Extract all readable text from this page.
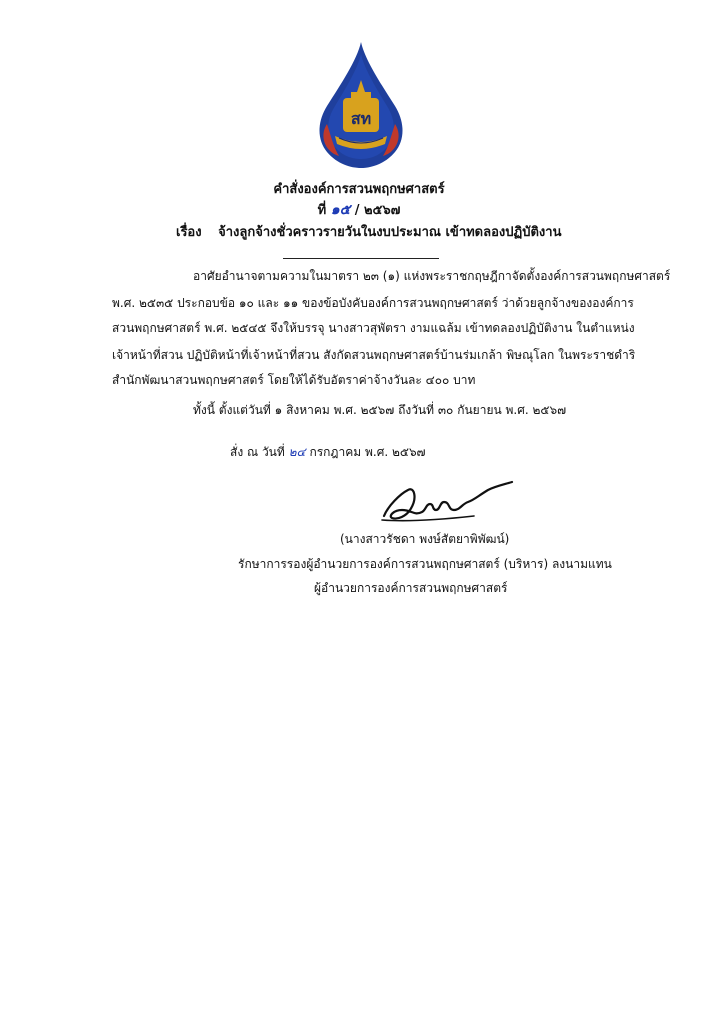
สท
คำสั่งองค์การสวนพฤกษศาสตร์
ที่ ๑๕ / ๒๕๖๗
เรื่อง จ้างลูกจ้างชั่วคราวรายวันในงบประมาณ เข้าทดลองปฏิบัติงาน
อาศัยอำนาจตามความในมาตรา ๒๓ (๑) แห่งพระราชกฤษฎีกาจัดตั้งองค์การสวนพฤกษศาสตร์
พ.ศ. ๒๕๓๕ ประกอบข้อ ๑๐ และ ๑๑ ของข้อบังคับองค์การสวนพฤกษศาสตร์ ว่าด้วยลูกจ้างขององค์การ
สวนพฤกษศาสตร์ พ.ศ. ๒๕๔๕ จึงให้บรรจุ นางสาวสุพัตรา งามแฉล้ม เข้าทดลองปฏิบัติงาน ในตำแหน่ง
เจ้าหน้าที่สวน ปฏิบัติหน้าที่เจ้าหน้าที่สวน สังกัดสวนพฤกษศาสตร์บ้านร่มเกล้า พิษณุโลก ในพระราชดำริ
สำนักพัฒนาสวนพฤกษศาสตร์ โดยให้ได้รับอัตราค่าจ้างวันละ ๔๐๐ บาท
ทั้งนี้ ตั้งแต่วันที่ ๑ สิงหาคม พ.ศ. ๒๕๖๗ ถึงวันที่ ๓๐ กันยายน พ.ศ. ๒๕๖๗
สั่ง ณ วันที่ ๒๔ กรกฎาคม พ.ศ. ๒๕๖๗
(นางสาวรัชดา พงษ์สัตยาพิพัฒน์)
รักษาการรองผู้อำนวยการองค์การสวนพฤกษศาสตร์ (บริหาร) ลงนามแทน
ผู้อำนวยการองค์การสวนพฤกษศาสตร์
